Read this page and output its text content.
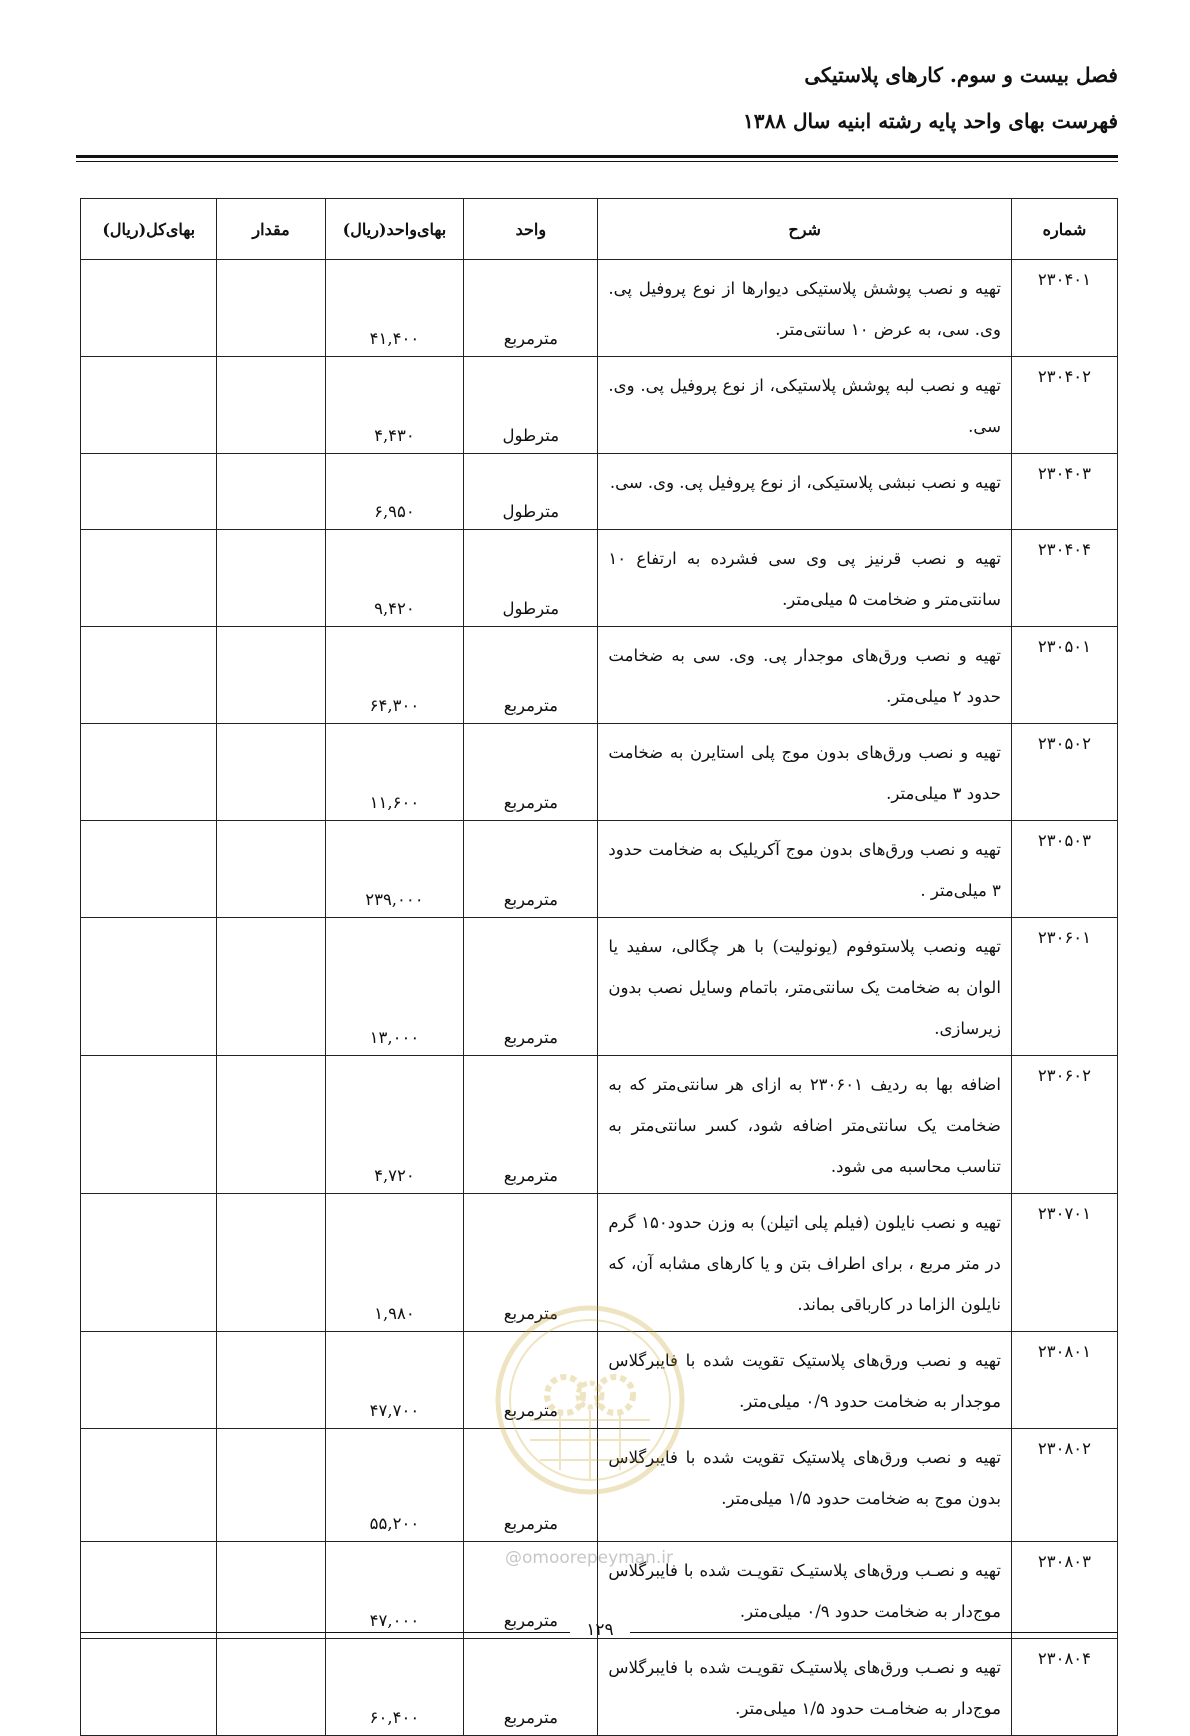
فصل بیست و سوم. کارهای پلاستیکی
فهرست بهای واحد پایه رشته ابنیه سال ۱۳۸۸
شماره	شرح	واحد	بهای‌واحد(ریال)	مقدار	بهای‌کل(ریال)
۲۳۰۴۰۱	تهیه و نصب پوشش پلاستیکی دیوارها از نوع پروفیل پی. وی. سی، به عرض ۱۰ سانتی‌متر.	مترمربع	۴۱,۴۰۰		
۲۳۰۴۰۲	تهیه و نصب لبه پوشش پلاستیکی، از نوع پروفیل پی. وی. سی.	مترطول	۴,۴۳۰		
۲۳۰۴۰۳	تهیه و نصب نبشی پلاستیکی، از نوع پروفیل پی. وی. سی.	مترطول	۶,۹۵۰		
۲۳۰۴۰۴	تهیه و نصب قرنیز پی وی سی فشرده به ارتفاع ۱۰ سانتی‌متر و ضخامت ۵ میلی‌متر.	مترطول	۹,۴۲۰		
۲۳۰۵۰۱	تهیه و نصب ورق‌های موجدار پی. وی. سی به ضخامت حدود ۲ میلی‌متر.	مترمربع	۶۴,۳۰۰		
۲۳۰۵۰۲	تهیه و نصب ورق‌های بدون موج پلی استایرن به ضخامت حدود ۳ میلی‌متر.	مترمربع	۱۱,۶۰۰		
۲۳۰۵۰۳	تهیه و نصب ورق‌های بدون موج آکریلیک به ضخامت حدود ۳ میلی‌متر .	مترمربع	۲۳۹,۰۰۰		
۲۳۰۶۰۱	تهیه ونصب پلاستوفوم (یونولیت) با هر چگالی، سفید یا الوان به ضخامت یک سانتی‌متر، باتمام وسایل نصب بدون زیرسازی.	مترمربع	۱۳,۰۰۰		
۲۳۰۶۰۲	اضافه بها به ردیف ۲۳۰۶۰۱ به ازای هر سانتی‌متر که به ضخامت یک سانتی‌متر اضافه شود، کسر سانتی‌متر به تناسب محاسبه می شود.	مترمربع	۴,۷۲۰		
۲۳۰۷۰۱	تهیه و نصب نایلون (فیلم پلی اتیلن) به وزن حدود۱۵۰ گرم در متر مربع ، برای اطراف بتن و یا کارهای مشابه آن، که نایلون الزاما در کارباقی بماند.	مترمربع	۱,۹۸۰		
۲۳۰۸۰۱	تهیه و نصب ورق‌های پلاستیک تقویت شده با فایبرگلاس موجدار به ضخامت حدود ۰/۹ میلی‌متر.	مترمربع	۴۷,۷۰۰		
۲۳۰۸۰۲	تهیه و نصب ورق‌های پلاستیک تقویت شده با فایبرگلاس بدون موج به ضخامت حدود ۱/۵ میلی‌متر.	مترمربع	۵۵,۲۰۰		
۲۳۰۸۰۳	تهیه و نصـب ورق‌های پلاستیـک تقویـت شده با فایبرگلاس موج‌دار به ضخامت حدود ۰/۹ میلی‌متر.	مترمربع	۴۷,۰۰۰		
۲۳۰۸۰۴	تهیه و نصـب ورق‌های پلاستیـک تقویـت شده با فایبرگلاس موج‌دار به ضخامـت حدود ۱/۵ میلی‌متر.	مترمربع	۶۰,۴۰۰		
@omoorepeyman.ir
۱۲۹
